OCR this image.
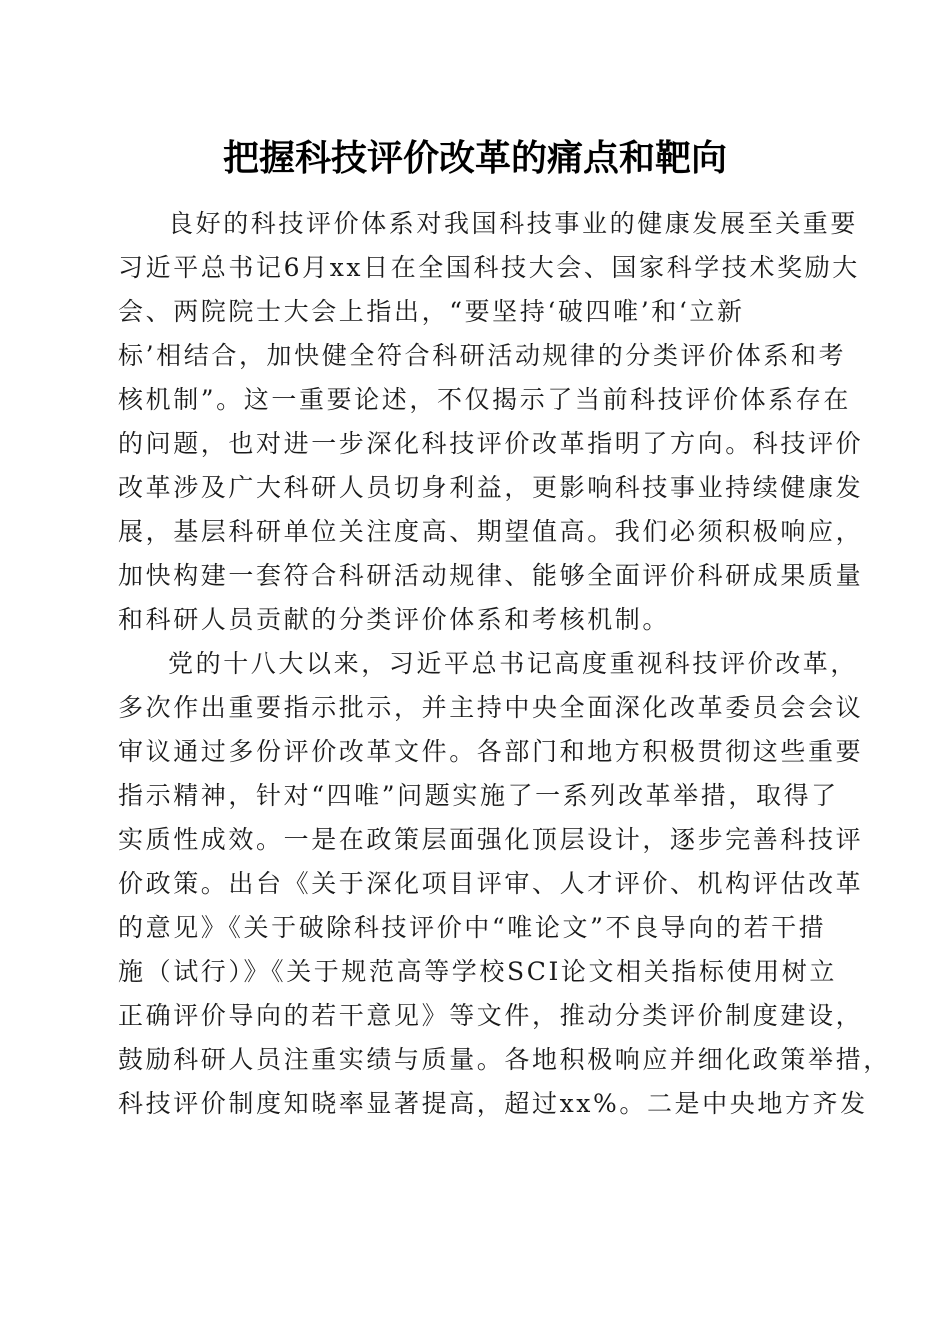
把握科技评价改革的痛点和靶向
良好的科技评价体系对我国科技事业的健康发展至关重要
习近平总书记6月xx日在全国科技大会、国家科学技术奖励大
会、两院院士大会上指出，“要坚持‘破四唯’和‘立新
标’相结合，加快健全符合科研活动规律的分类评价体系和考
核机制”。这一重要论述，不仅揭示了当前科技评价体系存在
的问题，也对进一步深化科技评价改革指明了方向。科技评价
改革涉及广大科研人员切身利益，更影响科技事业持续健康发
展，基层科研单位关注度高、期望值高。我们必须积极响应，
加快构建一套符合科研活动规律、能够全面评价科研成果质量
和科研人员贡献的分类评价体系和考核机制。
党的十八大以来，习近平总书记高度重视科技评价改革，
多次作出重要指示批示，并主持中央全面深化改革委员会会议
审议通过多份评价改革文件。各部门和地方积极贯彻这些重要
指示精神，针对“四唯”问题实施了一系列改革举措，取得了
实质性成效。一是在政策层面强化顶层设计，逐步完善科技评
价政策。出台《关于深化项目评审、人才评价、机构评估改革
的意见》《关于破除科技评价中“唯论文”不良导向的若干措
施（试行）》《关于规范高等学校SCI论文相关指标使用树立
正确评价导向的若干意见》等文件，推动分类评价制度建设，
鼓励科研人员注重实绩与质量。各地积极响应并细化政策举措，
科技评价制度知晓率显著提高，超过xx%。二是中央地方齐发
